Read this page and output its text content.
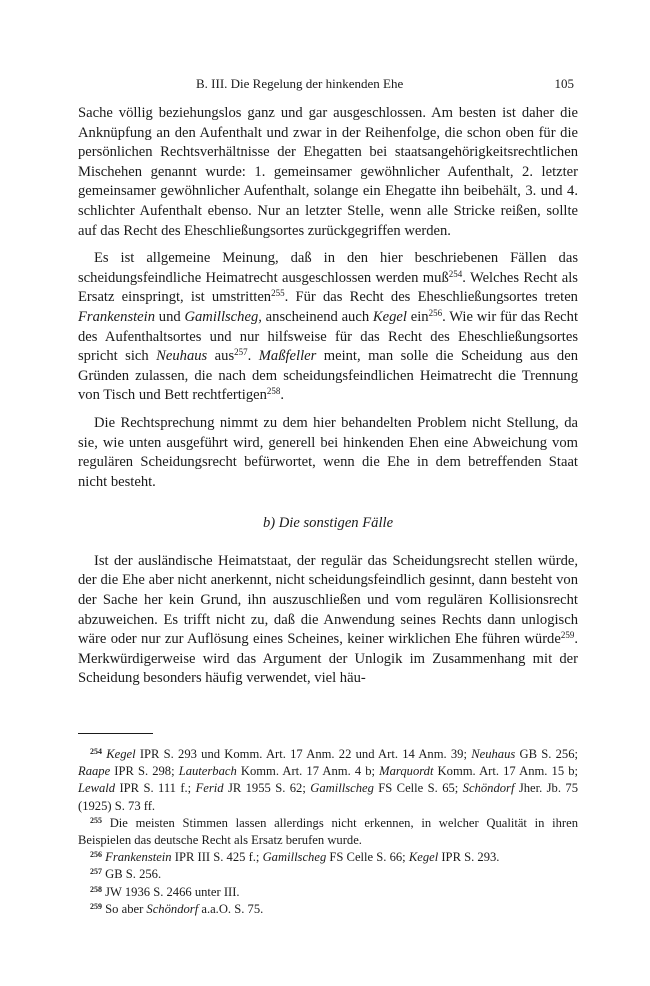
B. III. Die Regelung der hinkenden Ehe	105

Sache völlig beziehungslos ganz und gar ausgeschlossen. Am besten ist daher die Anknüpfung an den Aufenthalt und zwar in der Reihenfolge, die schon oben für die persönlichen Rechtsverhältnisse der Ehegatten bei staatsangehörigkeitsrechtlichen Mischehen genannt wurde: 1. gemeinsamer gewöhnlicher Aufenthalt, 2. letzter gemeinsamer gewöhnlicher Aufenthalt, solange ein Ehegatte ihn beibehält, 3. und 4. schlichter Aufenthalt ebenso. Nur an letzter Stelle, wenn alle Stricke reißen, sollte auf das Recht des Eheschließungsortes zurückgegriffen werden.

Es ist allgemeine Meinung, daß in den hier beschriebenen Fällen das scheidungsfeindliche Heimatrecht ausgeschlossen werden muß$^{254}$. Welches Recht als Ersatz einspringt, ist umstritten$^{255}$. Für das Recht des Eheschließungsortes treten Frankenstein und Gamillscheg, anscheinend auch Kegel ein$^{256}$. Wie wir für das Recht des Aufenthaltsortes und nur hilfsweise für das Recht des Eheschließungsortes spricht sich Neuhaus aus$^{257}$. Maßfeller meint, man solle die Scheidung aus den Gründen zulassen, die nach dem scheidungsfeindlichen Heimatrecht die Trennung von Tisch und Bett rechtfertigen$^{258}$.

Die Rechtsprechung nimmt zu dem hier behandelten Problem nicht Stellung, da sie, wie unten ausgeführt wird, generell bei hinkenden Ehen eine Abweichung vom regulären Scheidungsrecht befürwortet, wenn die Ehe in dem betreffenden Staat nicht besteht.

b) Die sonstigen Fälle

Ist der ausländische Heimatstaat, der regulär das Scheidungsrecht stellen würde, der die Ehe aber nicht anerkennt, nicht scheidungsfeindlich gesinnt, dann besteht von der Sache her kein Grund, ihn auszuschließen und vom regulären Kollisionsrecht abzuweichen. Es trifft nicht zu, daß die Anwendung seines Rechts dann unlogisch wäre oder nur zur Auflösung eines Scheines, keiner wirklichen Ehe führen würde$^{259}$. Merkwürdigerweise wird das Argument der Unlogik im Zusammenhang mit der Scheidung besonders häufig verwendet, viel häu-

$^{254}$ Kegel IPR S. 293 und Komm. Art. 17 Anm. 22 und Art. 14 Anm. 39; Neuhaus GB S. 256; Raape IPR S. 298; Lauterbach Komm. Art. 17 Anm. 4 b; Marquordt Komm. Art. 17 Anm. 15 b; Lewald IPR S. 111 f.; Ferid JR 1955 S. 62; Gamillscheg FS Celle S. 65; Schöndorf Jher. Jb. 75 (1925) S. 73 ff.

$^{255}$ Die meisten Stimmen lassen allerdings nicht erkennen, in welcher Qualität in ihren Beispielen das deutsche Recht als Ersatz berufen wurde.

$^{256}$ Frankenstein IPR III S. 425 f.; Gamillscheg FS Celle S. 66; Kegel IPR S. 293.

$^{257}$ GB S. 256.

$^{258}$ JW 1936 S. 2466 unter III.

$^{259}$ So aber Schöndorf a.a.O. S. 75.
